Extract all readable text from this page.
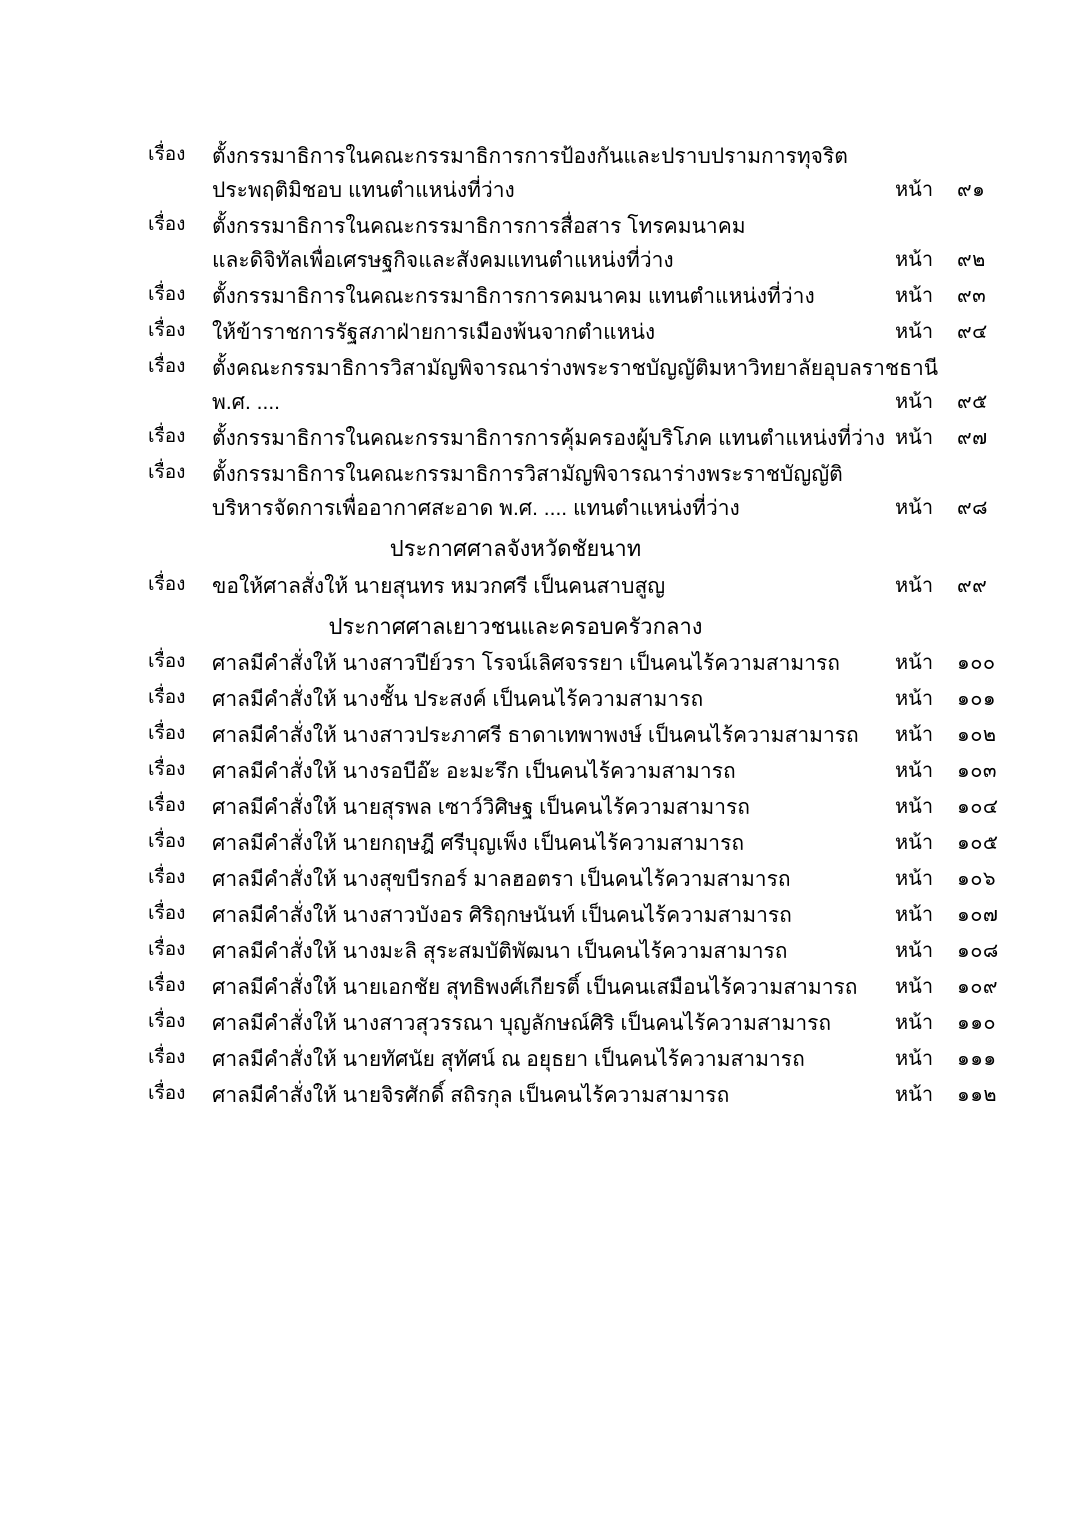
เรื่อง	ตั้งกรรมาธิการในคณะกรรมาธิการการป้องกันและปราบปรามการทุจริต
ประพฤติมิชอบ แทนตำแหน่งที่ว่าง	หน้า	๙๑
เรื่อง	ตั้งกรรมาธิการในคณะกรรมาธิการการสื่อสาร โทรคมนาคม
และดิจิทัลเพื่อเศรษฐกิจและสังคมแทนตำแหน่งที่ว่าง	หน้า	๙๒
เรื่อง	ตั้งกรรมาธิการในคณะกรรมาธิการการคมนาคม แทนตำแหน่งที่ว่าง	หน้า	๙๓
เรื่อง	ให้ข้าราชการรัฐสภาฝ่ายการเมืองพ้นจากตำแหน่ง	หน้า	๙๔
เรื่อง	ตั้งคณะกรรมาธิการวิสามัญพิจารณาร่างพระราชบัญญัติมหาวิทยาลัยอุบลราชธานี
พ.ศ. ....	หน้า	๙๕
เรื่อง	ตั้งกรรมาธิการในคณะกรรมาธิการการคุ้มครองผู้บริโภค แทนตำแหน่งที่ว่าง หน้า	๙๗
เรื่อง	ตั้งกรรมาธิการในคณะกรรมาธิการวิสามัญพิจารณาร่างพระราชบัญญัติ
บริหารจัดการเพื่ออากาศสะอาด พ.ศ. .... แทนตำแหน่งที่ว่าง	หน้า	๙๘
ประกาศศาลจังหวัดชัยนาท
เรื่อง	ขอให้ศาลสั่งให้ นายสุนทร หมวกศรี เป็นคนสาบสูญ	หน้า	๙๙
ประกาศศาลเยาวชนและครอบครัวกลาง
เรื่อง	ศาลมีคำสั่งให้ นางสาวปีย์วรา โรจน์เลิศจรรยา เป็นคนไร้ความสามารถ	หน้า	๑๐๐
เรื่อง	ศาลมีคำสั่งให้ นางชั้น ประสงค์ เป็นคนไร้ความสามารถ	หน้า	๑๐๑
เรื่อง	ศาลมีคำสั่งให้ นางสาวประภาศรี ธาดาเทพาพงษ์ เป็นคนไร้ความสามารถ	หน้า	๑๐๒
เรื่อง	ศาลมีคำสั่งให้ นางรอบีอ๊ะ อะมะรึก เป็นคนไร้ความสามารถ	หน้า	๑๐๓
เรื่อง	ศาลมีคำสั่งให้ นายสุรพล เซาว์วิศิษฐ เป็นคนไร้ความสามารถ	หน้า	๑๐๔
เรื่อง	ศาลมีคำสั่งให้ นายกฤษฎี ศรีบุญเพ็ง เป็นคนไร้ความสามารถ	หน้า	๑๐๕
เรื่อง	ศาลมีคำสั่งให้ นางสุขบีรกอร์ มาลฮอตรา เป็นคนไร้ความสามารถ	หน้า	๑๐๖
เรื่อง	ศาลมีคำสั่งให้ นางสาวบังอร ศิริฤกษนันท์ เป็นคนไร้ความสามารถ	หน้า	๑๐๗
เรื่อง	ศาลมีคำสั่งให้ นางมะลิ สุระสมบัติพัฒนา เป็นคนไร้ความสามารถ	หน้า	๑๐๘
เรื่อง	ศาลมีคำสั่งให้ นายเอกชัย สุทธิพงศ์เกียรติ์ เป็นคนเสมือนไร้ความสามารถ	หน้า	๑๐๙
เรื่อง	ศาลมีคำสั่งให้ นางสาวสุวรรณา บุญลักษณ์ศิริ เป็นคนไร้ความสามารถ	หน้า	๑๑๐
เรื่อง	ศาลมีคำสั่งให้ นายทัศนัย สุทัศน์ ณ อยุธยา เป็นคนไร้ความสามารถ	หน้า	๑๑๑
เรื่อง	ศาลมีคำสั่งให้ นายจิรศักดิ์ สถิรกุล เป็นคนไร้ความสามารถ	หน้า	๑๑๒
